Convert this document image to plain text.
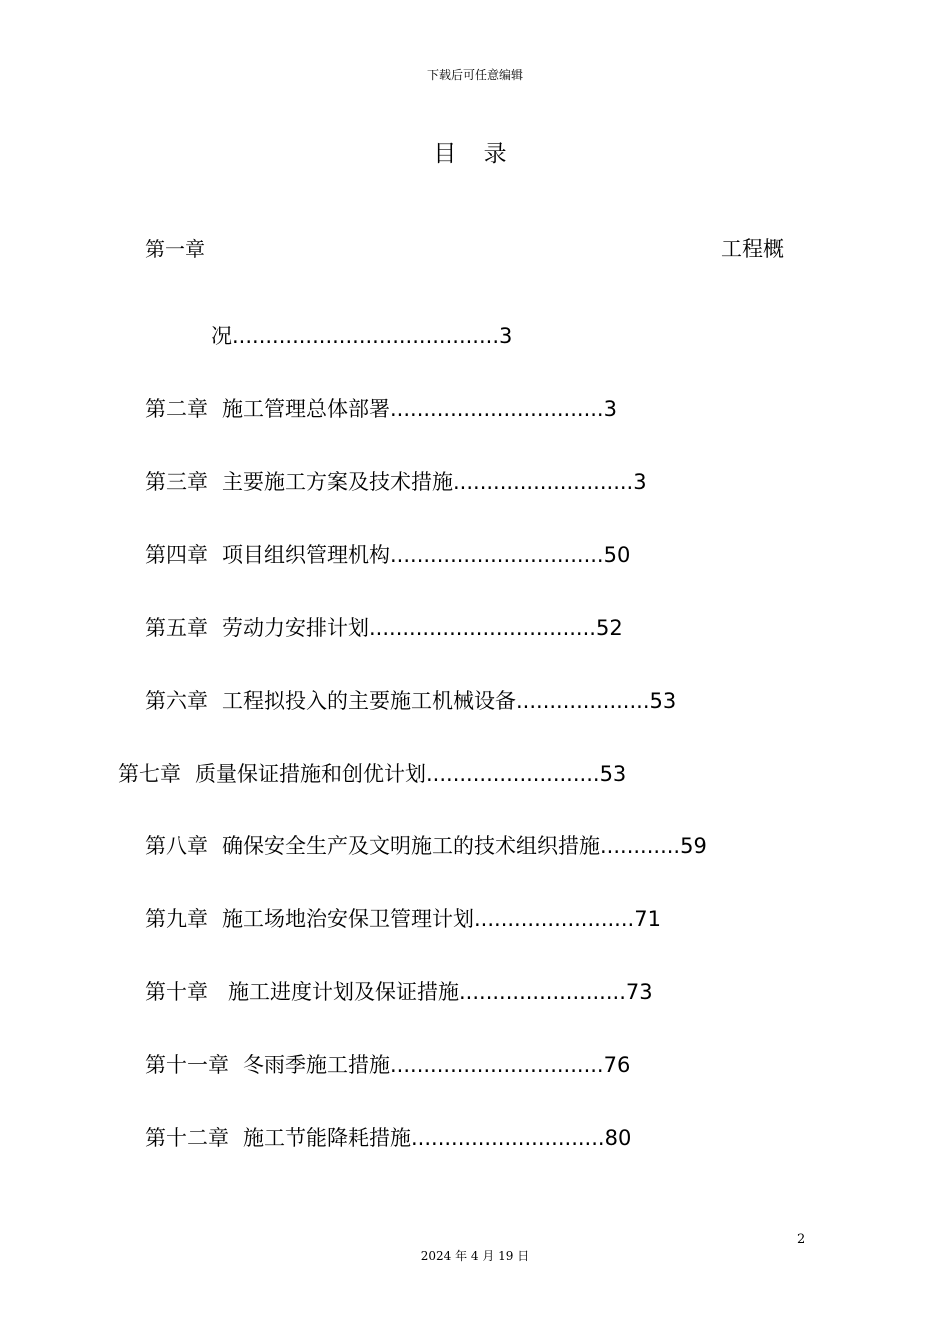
下载后可任意编辑
目 录
第一章	工程概
况........................................3
第二章 施工管理总体部署................................3
第三章 主要施工方案及技术措施...........................3
第四章 项目组织管理机构................................50
第五章 劳动力安排计划..................................52
第六章 工程拟投入的主要施工机械设备....................53
第七章 质量保证措施和创优计划..........................53
第八章 确保安全生产及文明施工的技术组织措施............59
第九章 施工场地治安保卫管理计划........................71
第十章 施工进度计划及保证措施.........................73
第十一章 冬雨季施工措施................................76
第十二章 施工节能降耗措施.............................80
2
2024 年 4 月 19 日
